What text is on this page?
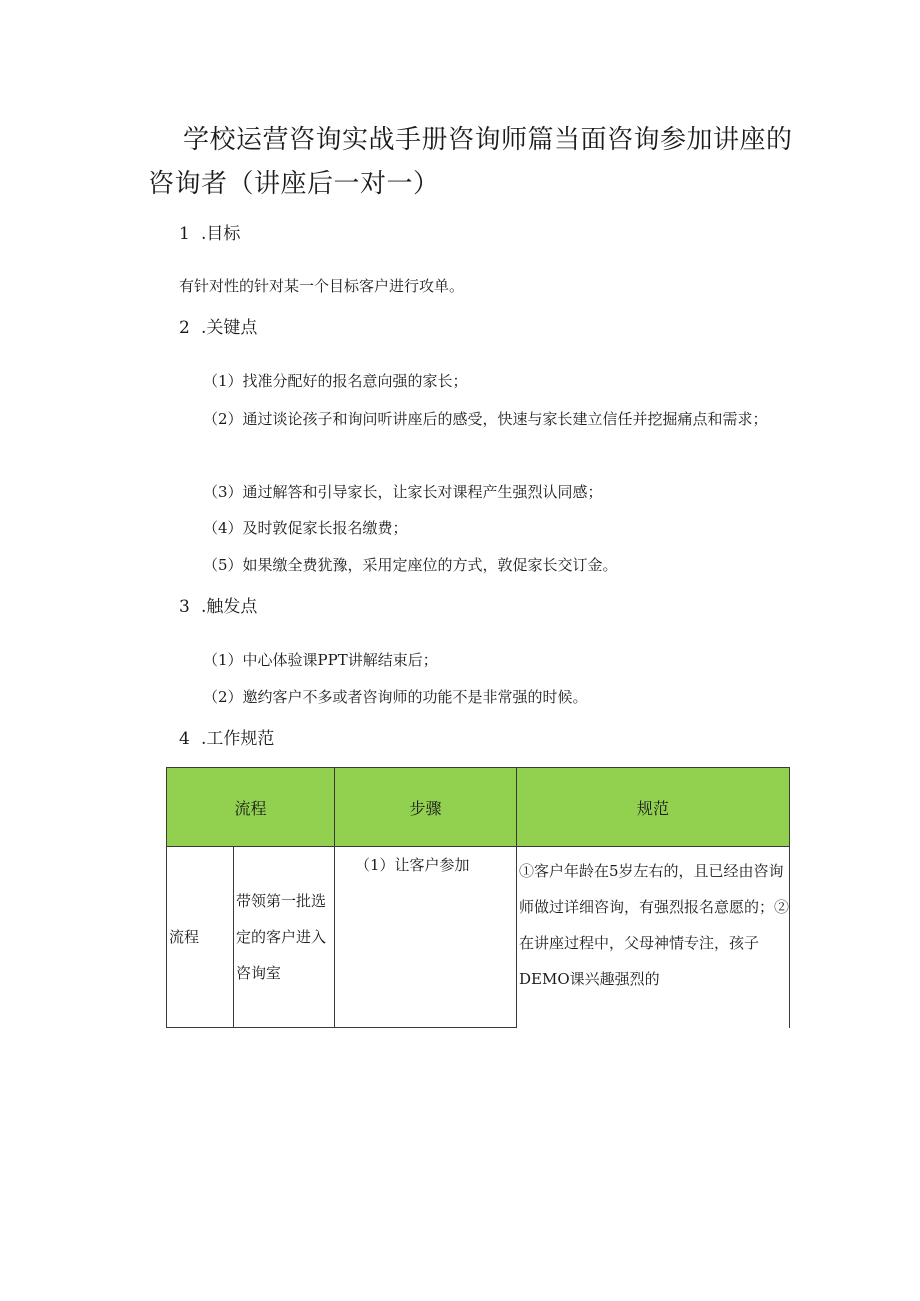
学校运营咨询实战手册咨询师篇当面咨询参加讲座的咨询者（讲座后一对一）
1 .目标
有针对性的针对某一个目标客户进行攻单。
2 .关键点
（1）找准分配好的报名意向强的家长；
（2）通过谈论孩子和询问听讲座后的感受，快速与家长建立信任并挖掘痛点和需求；
（3）通过解答和引导家长，让家长对课程产生强烈认同感；
（4）及时敦促家长报名缴费；
（5）如果缴全费犹豫，采用定座位的方式，敦促家长交订金。
3 .触发点
（1）中心体验课PPT讲解结束后；
（2）邀约客户不多或者咨询师的功能不是非常强的时候。
4 .工作规范
流程		步骤	规范

流程	带领第一批选定的客户进入咨询室	（1）让客户参加	①客户年龄在5岁左右的，且已经由咨询师做过详细咨询，有强烈报名意愿的；②在讲座过程中，父母神情专注，孩子DEMO课兴趣强烈的
